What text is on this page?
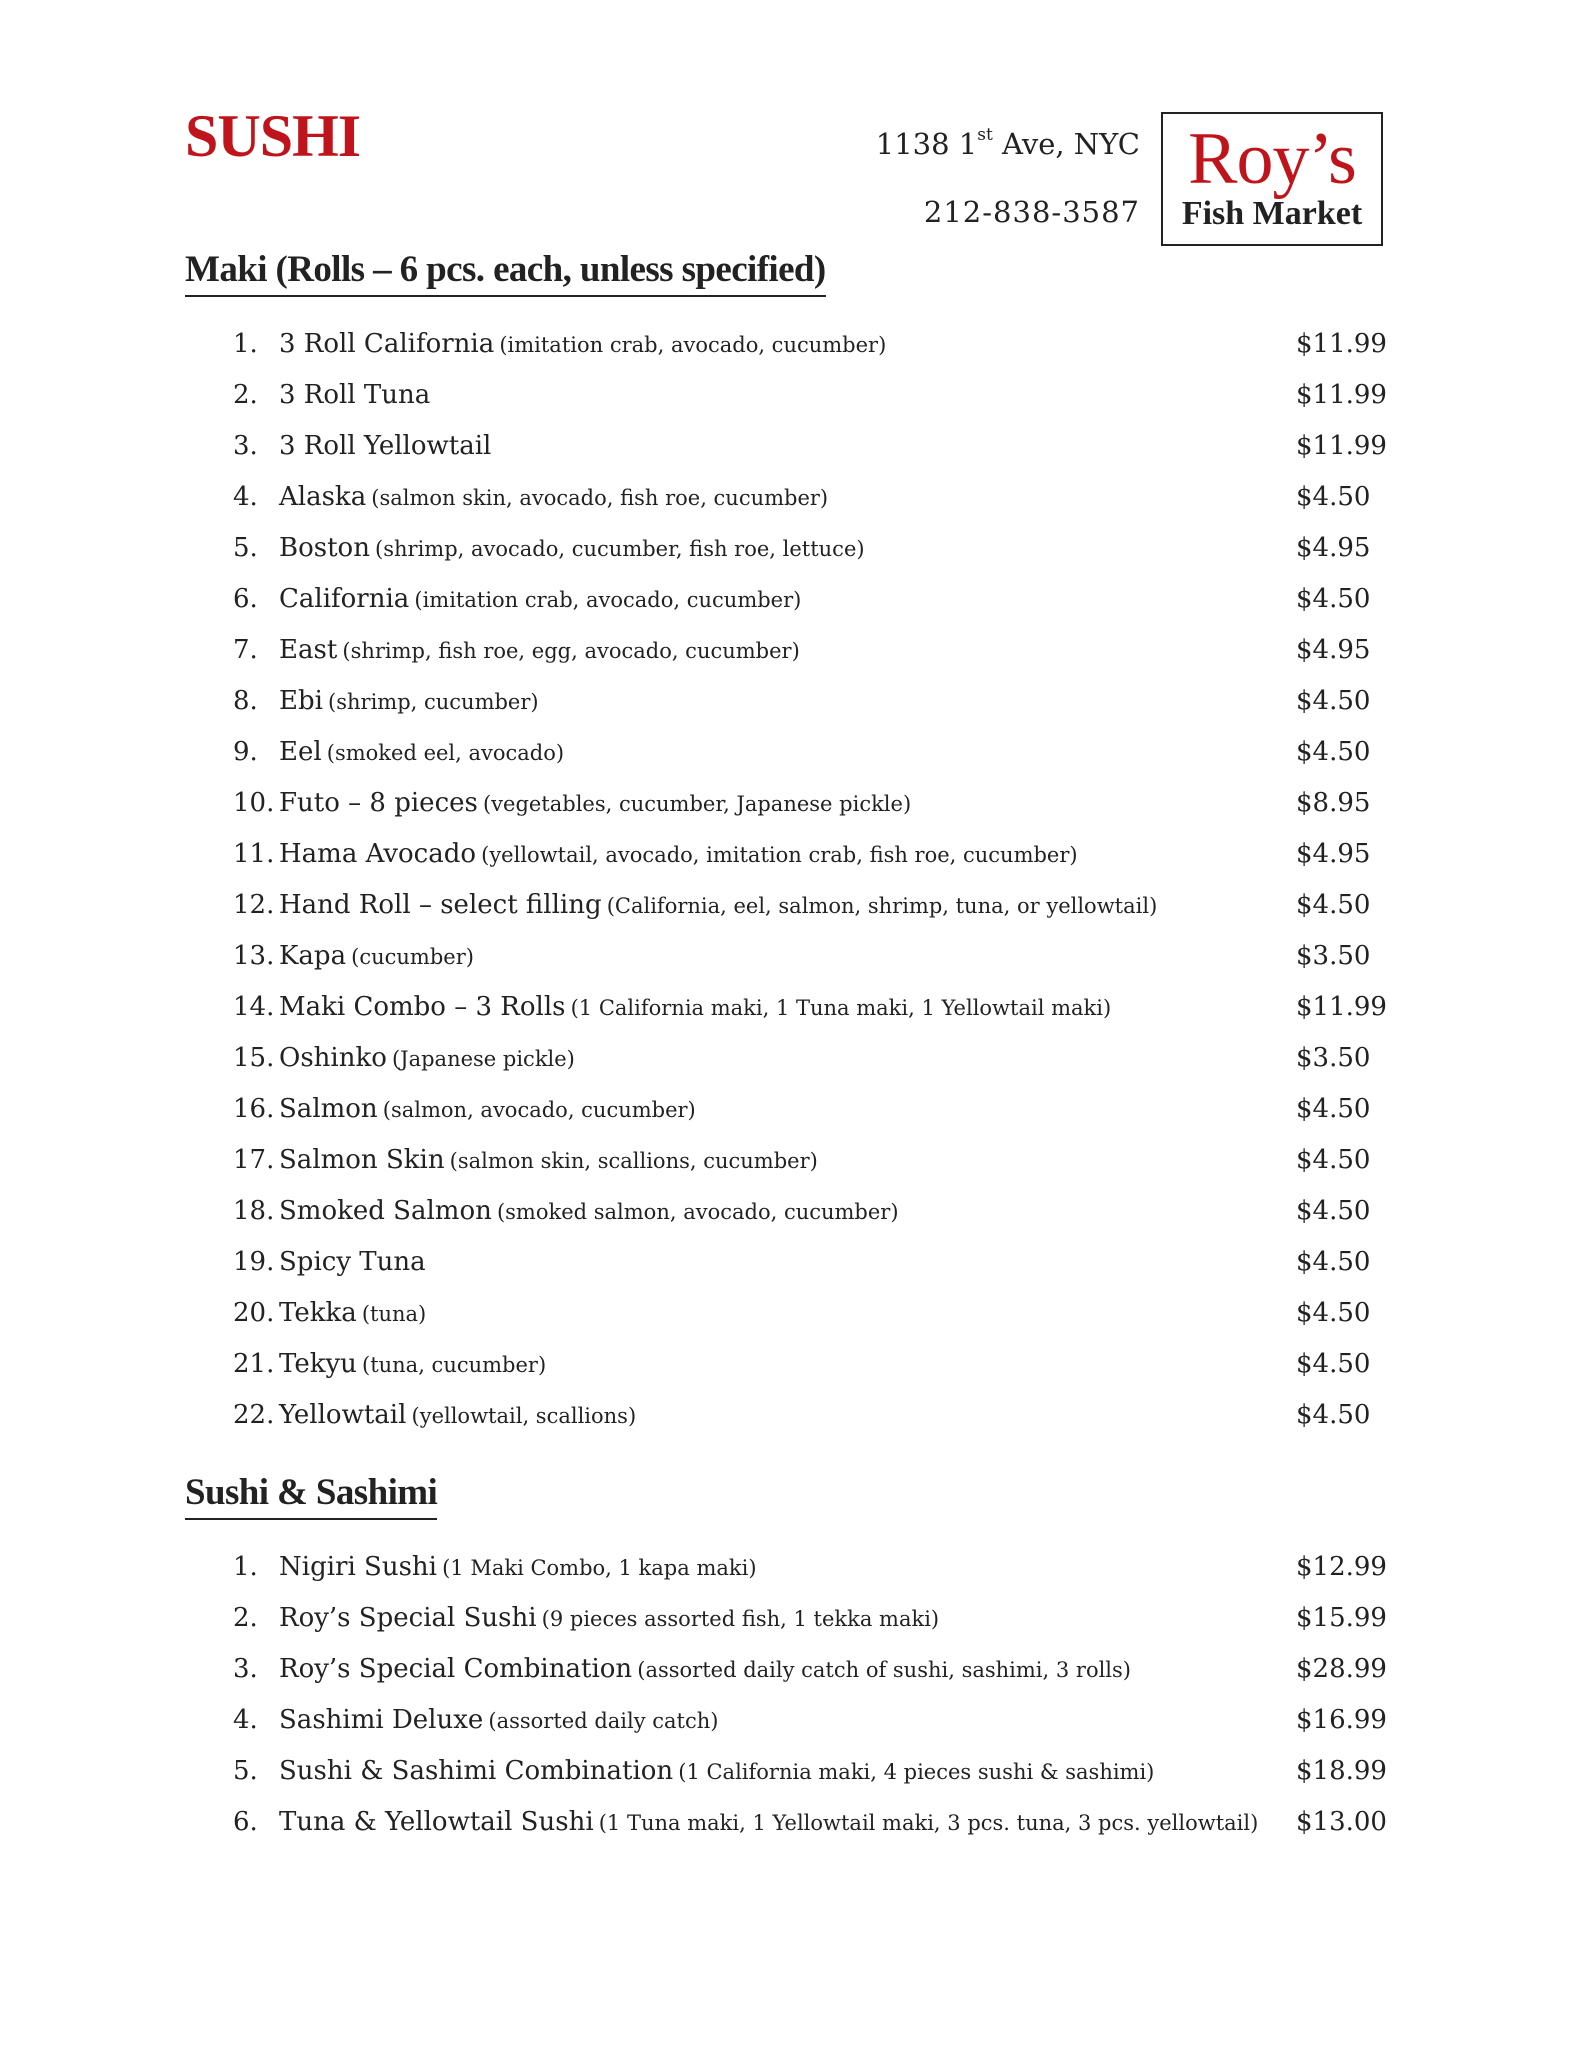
SUSHI	1138 1st Ave, NYC
212-838-3587
Roy’s
Fish Market
Maki (Rolls – 6 pcs. each, unless specified)
1. 3 Roll California (imitation crab, avocado, cucumber)	$11.99
2. 3 Roll Tuna	$11.99
3. 3 Roll Yellowtail	$11.99
4. Alaska (salmon skin, avocado, fish roe, cucumber)	$4.50
5. Boston (shrimp, avocado, cucumber, fish roe, lettuce)	$4.95
6. California (imitation crab, avocado, cucumber)	$4.50
7. East (shrimp, fish roe, egg, avocado, cucumber)	$4.95
8. Ebi (shrimp, cucumber)	$4.50
9. Eel (smoked eel, avocado)	$4.50
10. Futo – 8 pieces (vegetables, cucumber, Japanese pickle)	$8.95
11. Hama Avocado (yellowtail, avocado, imitation crab, fish roe, cucumber)	$4.95
12. Hand Roll – select filling (California, eel, salmon, shrimp, tuna, or yellowtail)	$4.50
13. Kapa (cucumber)	$3.50
14. Maki Combo – 3 Rolls (1 California maki, 1 Tuna maki, 1 Yellowtail maki)	$11.99
15. Oshinko (Japanese pickle)	$3.50
16. Salmon (salmon, avocado, cucumber)	$4.50
17. Salmon Skin (salmon skin, scallions, cucumber)	$4.50
18. Smoked Salmon (smoked salmon, avocado, cucumber)	$4.50
19. Spicy Tuna	$4.50
20. Tekka (tuna)	$4.50
21. Tekyu (tuna, cucumber)	$4.50
22. Yellowtail (yellowtail, scallions)	$4.50
Sushi & Sashimi
1. Nigiri Sushi (1 Maki Combo, 1 kapa maki)	$12.99
2. Roy’s Special Sushi (9 pieces assorted fish, 1 tekka maki)	$15.99
3. Roy’s Special Combination (assorted daily catch of sushi, sashimi, 3 rolls)	$28.99
4. Sashimi Deluxe (assorted daily catch)	$16.99
5. Sushi & Sashimi Combination (1 California maki, 4 pieces sushi & sashimi)	$18.99
6. Tuna & Yellowtail Sushi (1 Tuna maki, 1 Yellowtail maki, 3 pcs. tuna, 3 pcs. yellowtail) $13.00
